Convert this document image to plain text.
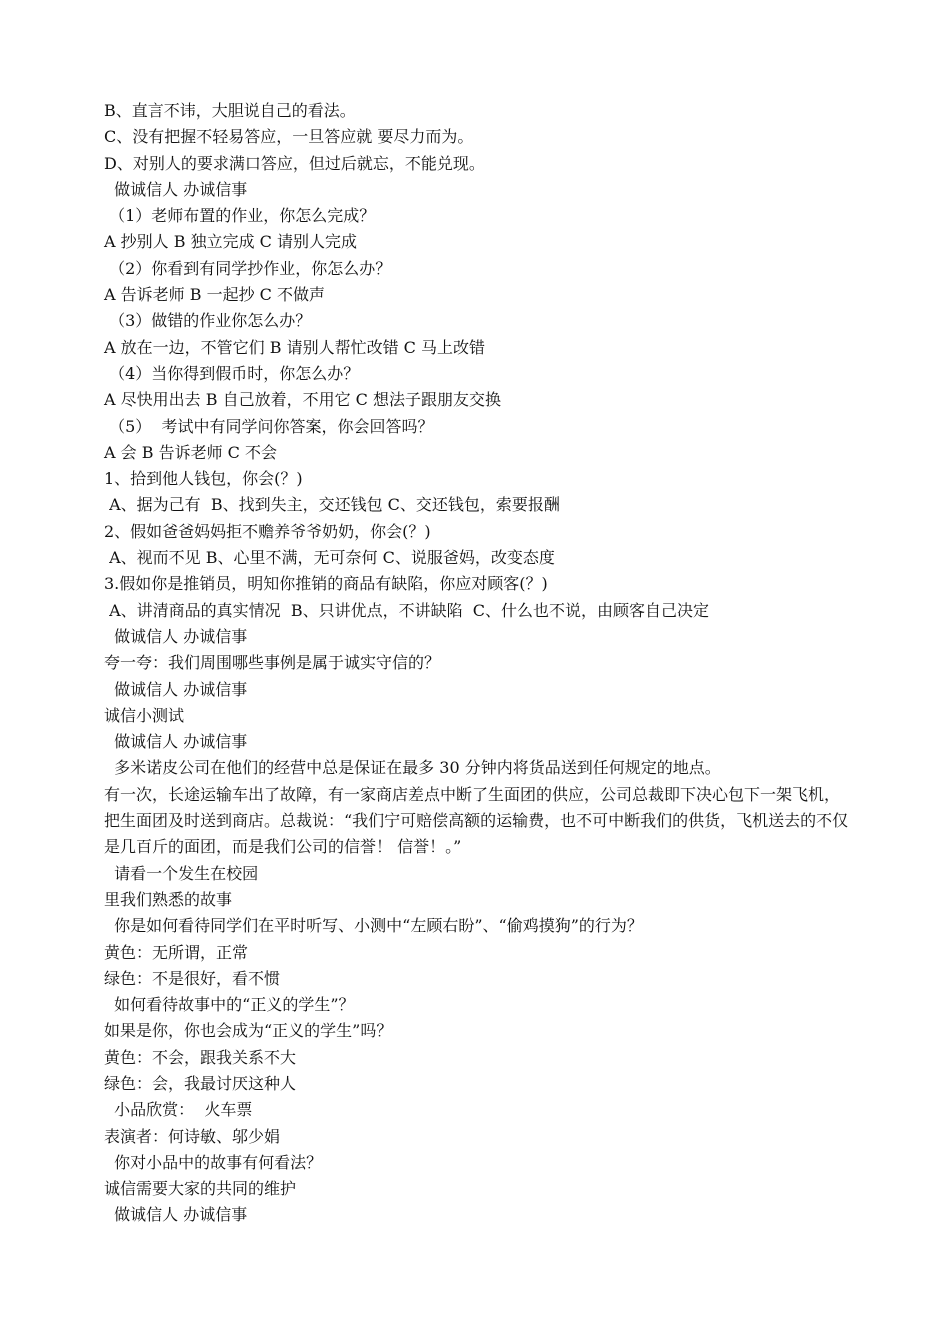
B、直言不讳，大胆说自己的看法。
C、没有把握不轻易答应，一旦答应就 要尽力而为。
D、对别人的要求满口答应，但过后就忘，不能兑现。
做诚信人 办诚信事
（1）老师布置的作业，你怎么完成？
A 抄别人 B 独立完成 C 请别人完成
（2）你看到有同学抄作业，你怎么办？
A 告诉老师 B 一起抄 C 不做声
（3）做错的作业你怎么办？
A 放在一边，不管它们 B 请别人帮忙改错 C 马上改错
（4）当你得到假币时，你怎么办？
A 尽快用出去 B 自己放着，不用它 C 想法子跟朋友交换
（5）  考试中有同学问你答案，你会回答吗？
A 会 B 告诉老师 C 不会
1、拾到他人钱包，你会(？)
A、据为己有  B、找到失主，交还钱包 C、交还钱包，索要报酬
2、假如爸爸妈妈拒不赡养爷爷奶奶，你会(？)
A、视而不见 B、心里不满，无可奈何 C、说服爸妈，改变态度
3.假如你是推销员，明知你推销的商品有缺陷，你应对顾客(？)
A、讲清商品的真实情况  B、只讲优点，不讲缺陷  C、什么也不说，由顾客自己决定
做诚信人 办诚信事
夸一夸：我们周围哪些事例是属于诚实守信的？
做诚信人 办诚信事
诚信小测试
做诚信人 办诚信事
多米诺皮公司在他们的经营中总是保证在最多 30 分钟内将货品送到任何规定的地点。

有一次，长途运输车出了故障，有一家商店差点中断了生面团的供应，公司总裁即下决心包下一架飞机，把生面团及时送到商店。总裁说：“我们宁可赔偿高额的运输费，也不可中断我们的供货，飞机送去的不仅是几百斤的面团，而是我们公司的信誉！ 信誉！。”

请看一个发生在校园
里我们熟悉的故事
你是如何看待同学们在平时听写、小测中“左顾右盼”、“偷鸡摸狗”的行为？
黄色：无所谓，正常
绿色：不是很好，看不惯
如何看待故事中的“正义的学生”？
如果是你，你也会成为“正义的学生”吗？
黄色：不会，跟我关系不大
绿色：会，我最讨厌这种人
小品欣赏：  火车票
表演者：何诗敏、邬少娟
你对小品中的故事有何看法？
诚信需要大家的共同的维护
做诚信人 办诚信事
